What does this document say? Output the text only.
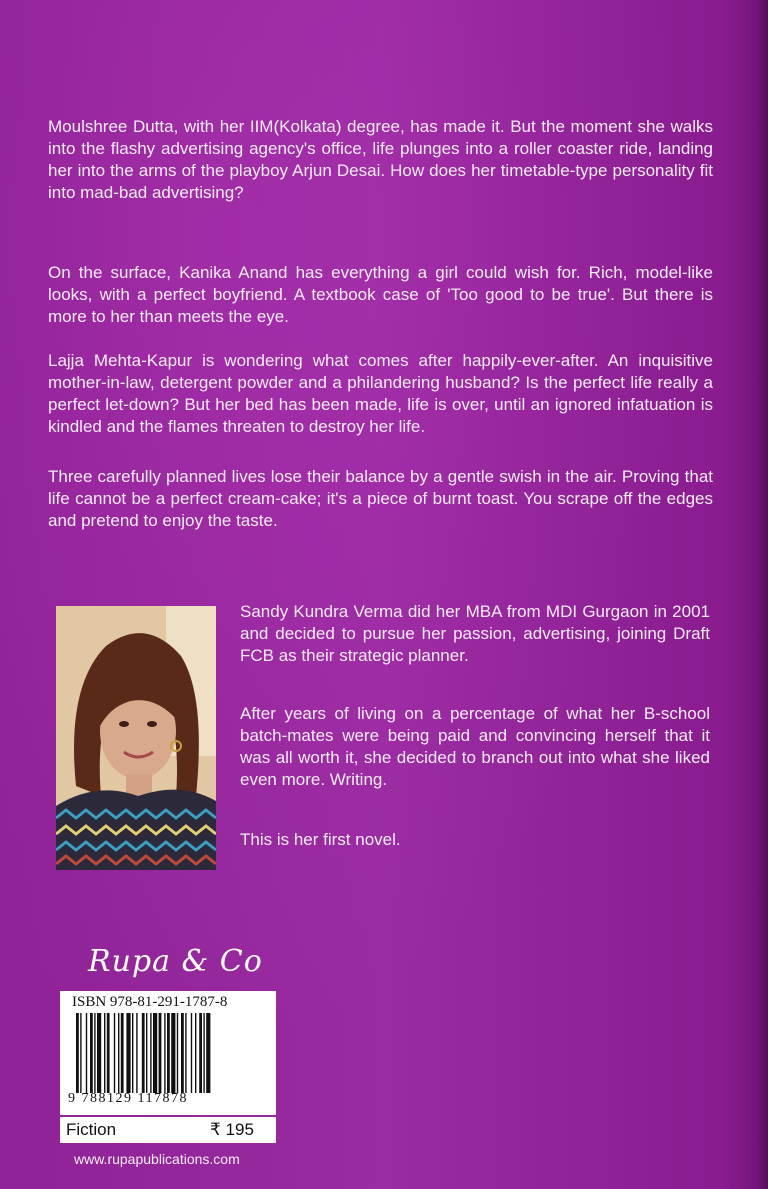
Moulshree Dutta, with her IIM(Kolkata) degree, has made it. But the moment she walks into the flashy advertising agency's office, life plunges into a roller coaster ride, landing her into the arms of the playboy Arjun Desai. How does her timetable-type personality fit into mad-bad advertising?

On the surface, Kanika Anand has everything a girl could wish for. Rich, model-like looks, with a perfect boyfriend. A textbook case of 'Too good to be true'. But there is more to her than meets the eye.

Lajja Mehta-Kapur is wondering what comes after happily-ever-after. An inquisitive mother-in-law, detergent powder and a philandering husband? Is the perfect life really a perfect let-down? But her bed has been made, life is over, until an ignored infatuation is kindled and the flames threaten to destroy her life.

Three carefully planned lives lose their balance by a gentle swish in the air. Proving that life cannot be a perfect cream-cake; it's a piece of burnt toast. You scrape off the edges and pretend to enjoy the taste.

Sandy Kundra Verma did her MBA from MDI Gurgaon in 2001 and decided to pursue her passion, advertising, joining Draft FCB as their strategic planner.

After years of living on a percentage of what her B-school batch-mates were being paid and convincing herself that it was all worth it, she decided to branch out into what she liked even more. Writing.

This is her first novel.

Rupa & Co
ISBN 978-81-291-1787-8
9 788129 117878
Fiction	₹ 195
www.rupapublications.com
